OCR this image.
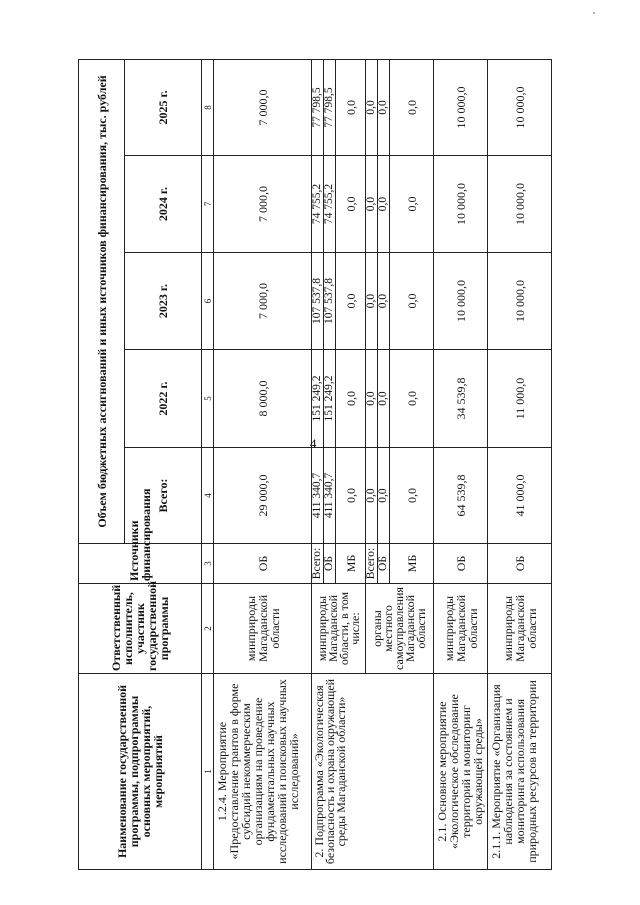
4
Наименование государственной программы, подпрограммы основных мероприятий, мероприятий	Ответственный исполнитель, участник государственной программы	Источники финансирования	Объем бюджетных ассигнований и иных источников финансирования, тыс. рублей				
			Всего:	2022 г.	2023 г.	2024 г.	2025 г.
1	2	3	4	5	6	7	8
1.2.4. Мероприятие «Предоставление грантов в форме субсидий некоммерческим организациям на проведение фундаментальных научных исследований и поисковых научных исследований»	минприроды Магаданской области	ОБ	29 000,0	8 000,0	7 000,0	7 000,0	7 000,0
2. Подпрограмма «Экологическая безопасность и охрана окружающей среды Магаданской области»	минприроды Магаданской области, в том числе:	Всего:	411 340,7	151 249,2	107 537,8	74 755,2	77 798,5
		ОБ	411 340,7	151 249,2	107 537,8	74 755,2	77 798,5
		МБ	0,0	0,0	0,0	0,0	0,0
	органы местного самоуправления Магаданской области	Всего:	0,0	0,0	0,0	0,0	0,0
		ОБ	0,0	0,0	0,0	0,0	0,0
		МБ	0,0	0,0	0,0	0,0	0,0
2.1. Основное мероприятие «Экологическое обследование территорий и мониторинг окружающей среды»	минприроды Магаданской области	ОБ	64 539,8	34 539,8	10 000,0	10 000,0	10 000,0
2.1.1. Мероприятие «Организация наблюдения за состоянием и мониторинга использования природных ресурсов на территории	минприроды Магаданской области	ОБ	41 000,0	11 000,0	10 000,0	10 000,0	10 000,0
